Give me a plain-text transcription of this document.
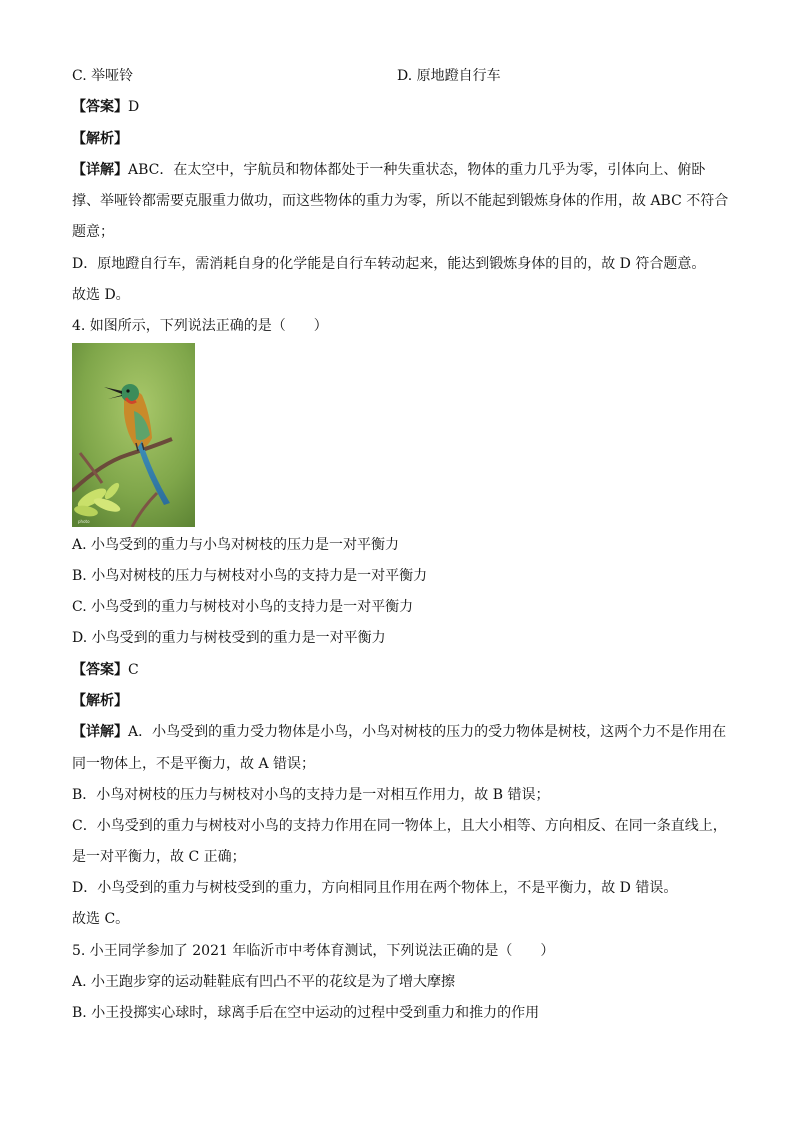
C. 举哑铃	D. 原地蹬自行车
【答案】D
【解析】
【详解】ABC．在太空中，宇航员和物体都处于一种失重状态，物体的重力几乎为零，引体向上、俯卧
撑、举哑铃都需要克服重力做功，而这些物体的重力为零，所以不能起到锻炼身体的作用，故 ABC 不符合
题意；
D．原地蹬自行车，需消耗自身的化学能是自行车转动起来，能达到锻炼身体的目的，故 D 符合题意。
故选 D。
4. 如图所示，下列说法正确的是（　　）
photo
A. 小鸟受到的重力与小鸟对树枝的压力是一对平衡力
B. 小鸟对树枝的压力与树枝对小鸟的支持力是一对平衡力
C. 小鸟受到的重力与树枝对小鸟的支持力是一对平衡力
D. 小鸟受到的重力与树枝受到的重力是一对平衡力
【答案】C
【解析】
【详解】A．小鸟受到的重力受力物体是小鸟，小鸟对树枝的压力的受力物体是树枝，这两个力不是作用在
同一物体上，不是平衡力，故 A 错误；
B．小鸟对树枝的压力与树枝对小鸟的支持力是一对相互作用力，故 B 错误；
C．小鸟受到的重力与树枝对小鸟的支持力作用在同一物体上，且大小相等、方向相反、在同一条直线上，
是一对平衡力，故 C 正确；
D．小鸟受到的重力与树枝受到的重力，方向相同且作用在两个物体上，不是平衡力，故 D 错误。
故选 C。
5. 小王同学参加了 2021 年临沂市中考体育测试，下列说法正确的是（　　）
A. 小王跑步穿的运动鞋鞋底有凹凸不平的花纹是为了增大摩擦
B. 小王投掷实心球时，球离手后在空中运动的过程中受到重力和推力的作用
